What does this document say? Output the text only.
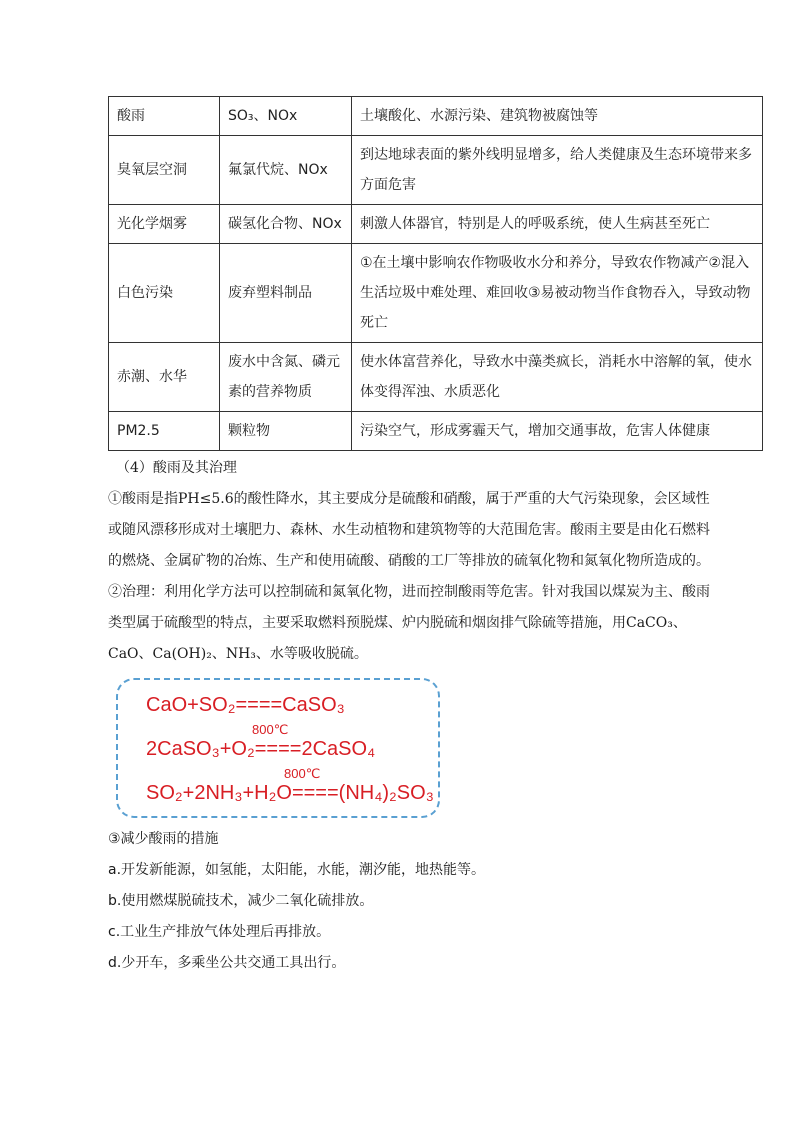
酸雨	SO₃、NOx	土壤酸化、水源污染、建筑物被腐蚀等
臭氧层空洞	氟氯代烷、NOx	到达地球表面的紫外线明显增多，给人类健康及生态环境带来多方面危害
光化学烟雾	碳氢化合物、NOx	刺激人体器官，特别是人的呼吸系统，使人生病甚至死亡
白色污染	废弃塑料制品	①在土壤中影响农作物吸收水分和养分，导致农作物减产②混入生活垃圾中难处理、难回收③易被动物当作食物吞入，导致动物死亡
赤潮、水华	废水中含氮、磷元素的营养物质	使水体富营养化，导致水中藻类疯长，消耗水中溶解的氧，使水体变得浑浊、水质恶化
PM2.5	颗粒物	污染空气，形成雾霾天气，增加交通事故，危害人体健康
（4）酸雨及其治理

①酸雨是指PH≤5.6的酸性降水，其主要成分是硫酸和硝酸，属于严重的大气污染现象，会区域性或随风漂移形成对土壤肥力、森林、水生动植物和建筑物等的大范围危害。酸雨主要是由化石燃料的燃烧、金属矿物的冶炼、生产和使用硫酸、硝酸的工厂等排放的硫氧化物和氮氧化物所造成的。

②治理：利用化学方法可以控制硫和氮氧化物，进而控制酸雨等危害。针对我国以煤炭为主、酸雨类型属于硫酸型的特点，主要采取燃料预脱煤、炉内脱硫和烟囱排气除硫等措施，用CaCO₃、CaO、Ca(OH)₂、NH₃、水等吸收脱硫。

CaO+SO₂====CaSO₃
800℃
2CaSO₃+O₂====2CaSO₄
800℃
SO₂+2NH₃+H₂O====(NH₄)₂SO₃
③减少酸雨的措施
a.开发新能源，如氢能，太阳能，水能，潮汐能，地热能等。
b.使用燃煤脱硫技术，减少二氧化硫排放。
c.工业生产排放气体处理后再排放。
d.少开车，多乘坐公共交通工具出行。
